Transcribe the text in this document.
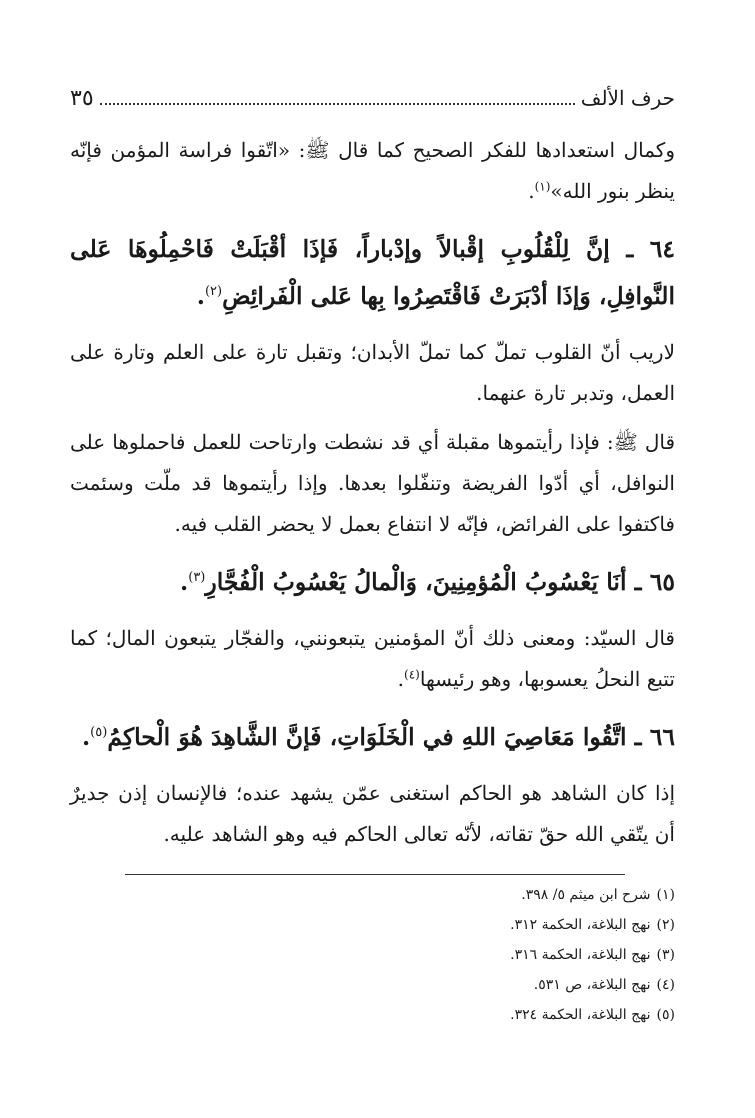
حرف الألف
٣٥

وكمال استعدادها للفكر الصحيح كما قال ﷺ: «اتّقوا فراسة المؤمن فإنّه ينظر بنور الله»$^{(١)}$.

٦٤ ـ إنَّ لِلْقُلُوبِ إقْبالاً وإدْباراً، فَإذَا أقْبَلَتْ فَاحْمِلُوهَا عَلى النَّوافِلِ، وَإذَا أدْبَرَتْ فَاقْتَصِرُوا بِها عَلى الْفَرائِضِ$^{(٢)}$.

لاريب أنّ القلوب تملّ كما تملّ الأبدان؛ وتقبل تارة على العلم وتارة على العمل، وتدبر تارة عنهما.

قال ﷺ: فإذا رأيتموها مقبلة أي قد نشطت وارتاحت للعمل فاحملوها على النوافل، أي أدّوا الفريضة وتنفّلوا بعدها. وإذا رأيتموها قد ملّت وسئمت فاكتفوا على الفرائض، فإنّه لا انتفاع بعمل لا يحضر القلب فيه.

٦٥ ـ أنَا يَعْسُوبُ الْمُؤمِنِينَ، وَالْمالُ يَعْسُوبُ الْفُجَّارِ$^{(٣)}$.

قال السيّد: ومعنى ذلك أنّ المؤمنين يتبعونني، والفجّار يتبعون المال؛ كما تتبع النحلُ يعسوبها، وهو رئيسها$^{(٤)}$.

٦٦ ـ اتَّقُوا مَعَاصِيَ اللهِ في الْخَلَوَاتِ، فَإنَّ الشَّاهِدَ هُوَ الْحاكِمُ$^{(٥)}$.

إذا كان الشاهد هو الحاكم استغنى عمّن يشهد عنده؛ فالإنسان إذن جديرٌ أن يتّقي الله حقّ تقاته، لأنّه تعالى الحاكم فيه وهو الشاهد عليه.

(١)
شرح ابن ميثم ٥/ ٣٩٨.
(٢)
نهج البلاغة، الحكمة ٣١٢.
(٣)
نهج البلاغة، الحكمة ٣١٦.
(٤)
نهج البلاغة، ص ٥٣١.
(٥)
نهج البلاغة، الحكمة ٣٢٤.
